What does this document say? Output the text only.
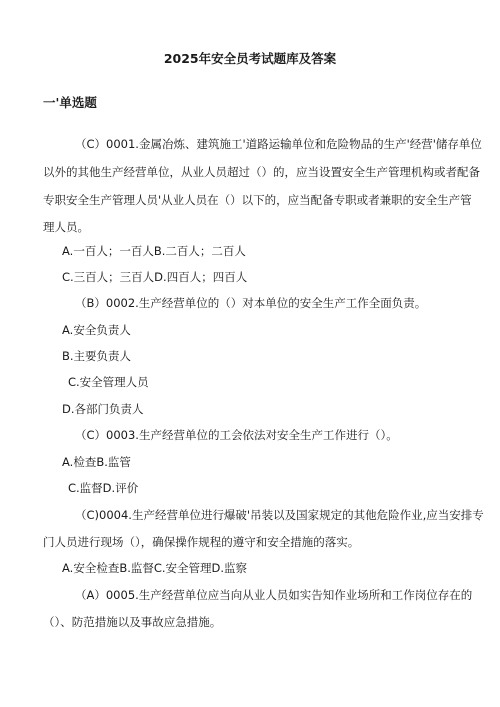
2025年安全员考试题库及答案
一'单选题
（C）0001.金属冶炼、建筑施工'道路运输单位和危险物品的生产'经营'储存单位
以外的其他生产经营单位，从业人员超过（）的，应当设置安全生产管理机构或者配备
专职安全生产管理人员'从业人员在（）以下的，应当配备专职或者兼职的安全生产管
理人员。
A.一百人；一百人B.二百人；二百人
C.三百人；三百人D.四百人；四百人
（B）0002.生产经营单位的（）对本单位的安全生产工作全面负责。
A.安全负责人
B.主要负责人
C.安全管理人员
D.各部门负责人
（C）0003.生产经营单位的工会依法对安全生产工作进行（）。
A.检查B.监管
C.监督D.评价
（C)0004.生产经营单位进行爆破'吊装以及国家规定的其他危险作业,应当安排专
门人员进行现场（），确保操作规程的遵守和安全措施的落实。
A.安全检查B.监督C.安全管理D.监察
（A）0005.生产经营单位应当向从业人员如实告知作业场所和工作岗位存在的
（）、防范措施以及事故应急措施。
